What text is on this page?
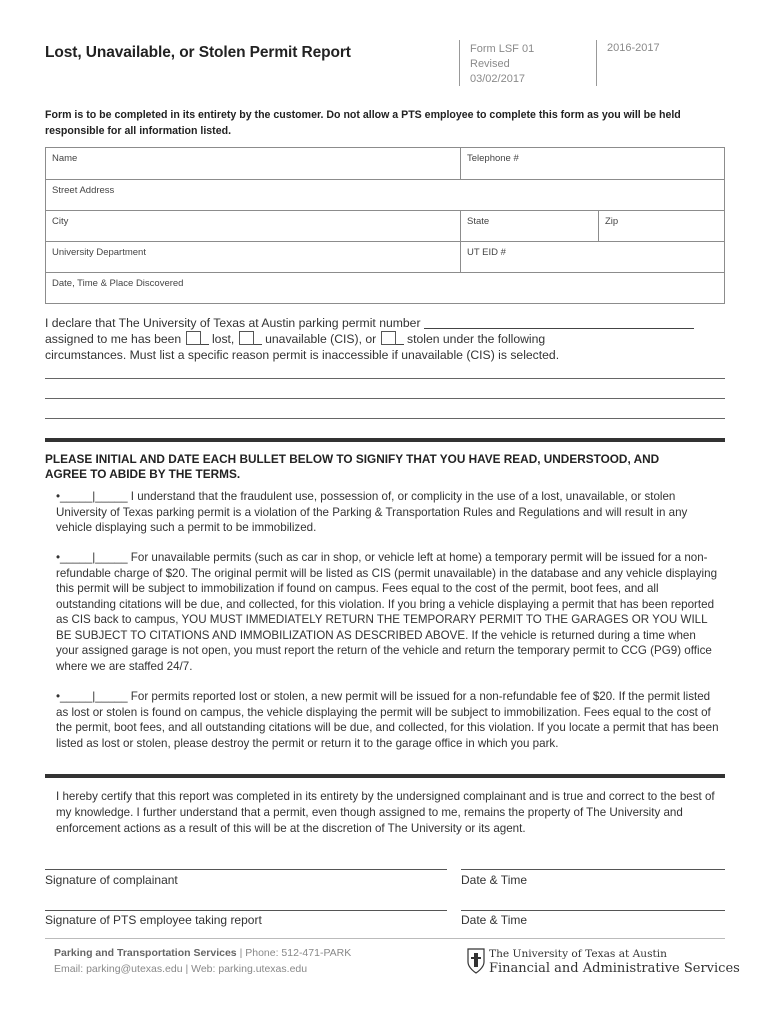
Lost, Unavailable, or Stolen Permit Report	Form LSF 01
Revised
03/02/2017
2016-2017
Form is to be completed in its entirety by the customer. Do not allow a PTS employee to complete this form as you will be held responsible for all information listed.
Name	Telephone #
Street Address
City	State	Zip
University Department	UT EID #
Date, Time & Place Discovered
I declare that The University of Texas at Austin parking permit number
assigned to me has been	lost,	unavailable (CIS), or	stolen under the following
circumstances. Must list a specific reason permit is inaccessible if unavailable (CIS) is selected.
PLEASE INITIAL AND DATE EACH BULLET BELOW TO SIGNIFY THAT YOU HAVE READ, UNDERSTOOD, AND AGREE TO ABIDE BY THE TERMS.
•_____|_____ I understand that the fraudulent use, possession of, or complicity in the use of a lost, unavailable, or stolen University of Texas parking permit is a violation of the Parking & Transportation Rules and Regulations and will result in any vehicle displaying such a permit to be immobilized.
•_____|_____ For unavailable permits (such as car in shop, or vehicle left at home) a temporary permit will be issued for a non-refundable charge of $20. The original permit will be listed as CIS (permit unavailable) in the database and any vehicle displaying this permit will be subject to immobilization if found on campus. Fees equal to the cost of the permit, boot fees, and all outstanding citations will be due, and collected, for this violation. If you bring a vehicle displaying a permit that has been reported as CIS back to campus, YOU MUST IMMEDIATELY RETURN THE TEMPORARY PERMIT TO THE GARAGES OR YOU WILL BE SUBJECT TO CITATIONS AND IMMOBILIZATION AS DESCRIBED ABOVE. If the vehicle is returned during a time when your assigned garage is not open, you must report the return of the vehicle and return the temporary permit to CCG (PG9) office where we are staffed 24/7.
•_____|_____ For permits reported lost or stolen, a new permit will be issued for a non-refundable fee of $20. If the permit listed as lost or stolen is found on campus, the vehicle displaying the permit will be subject to immobilization. Fees equal to the cost of the permit, boot fees, and all outstanding citations will be due, and collected, for this violation. If you locate a permit that has been listed as lost or stolen, please destroy the permit or return it to the garage office in which you park.
I hereby certify that this report was completed in its entirety by the undersigned complainant and is true and correct to the best of my knowledge. I further understand that a permit, even though assigned to me, remains the property of The University and enforcement actions as a result of this will be at the discretion of The University or its agent.
Signature of complainant	Date & Time
Signature of PTS employee taking report	Date & Time
Parking and Transportation Services | Phone: 512-471-PARK
Email: parking@utexas.edu | Web: parking.utexas.edu
The University of Texas at Austin
Financial and Administrative Services
